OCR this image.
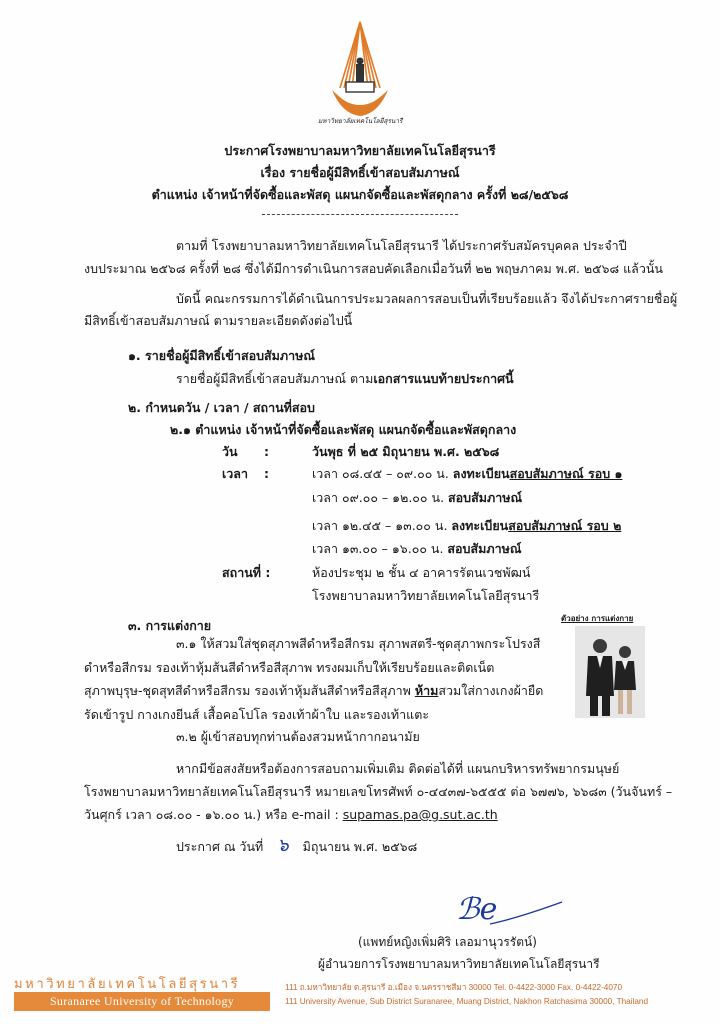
มหาวิทยาลัยเทคโนโลยีสุรนารี
ประกาศโรงพยาบาลมหาวิทยาลัยเทคโนโลยีสุรนารี
เรื่อง รายชื่อผู้มีสิทธิ์เข้าสอบสัมภาษณ์
ตำแหน่ง เจ้าหน้าที่จัดซื้อและพัสดุ แผนกจัดซื้อและพัสดุกลาง ครั้งที่ ๒๘/๒๕๖๘
ตามที่ โรงพยาบาลมหาวิทยาลัยเทคโนโลยีสุรนารี ได้ประกาศรับสมัครบุคคล ประจำปี
งบประมาณ ๒๕๖๘ ครั้งที่ ๒๘ ซึ่งได้มีการดำเนินการสอบคัดเลือกเมื่อวันที่ ๒๒ พฤษภาคม พ.ศ. ๒๕๖๘ แล้วนั้น
บัดนี้ คณะกรรมการได้ดำเนินการประมวลผลการสอบเป็นที่เรียบร้อยแล้ว จึงได้ประกาศรายชื่อผู้
มีสิทธิ์เข้าสอบสัมภาษณ์ ตามรายละเอียดดังต่อไปนี้
๑. รายชื่อผู้มีสิทธิ์เข้าสอบสัมภาษณ์
รายชื่อผู้มีสิทธิ์เข้าสอบสัมภาษณ์ ตามเอกสารแนบท้ายประกาศนี้
๒. กำหนดวัน / เวลา / สถานที่สอบ
๒.๑ ตำแหน่ง เจ้าหน้าที่จัดซื้อและพัสดุ แผนกจัดซื้อและพัสดุกลาง
วัน :	วันพุธ ที่ ๒๕ มิถุนายน พ.ศ. ๒๕๖๘
เวลา :	เวลา ๐๘.๔๕ – ๐๙.๐๐ น. ลงทะเบียนสอบสัมภาษณ์ รอบ ๑
เวลา ๐๙.๐๐ – ๑๒.๐๐ น. สอบสัมภาษณ์
เวลา ๑๒.๔๕ – ๑๓.๐๐ น. ลงทะเบียนสอบสัมภาษณ์ รอบ ๒
เวลา ๑๓.๐๐ – ๑๖.๐๐ น. สอบสัมภาษณ์
สถานที่ :	ห้องประชุม ๒ ชั้น ๔ อาคารรัตนเวชพัฒน์
โรงพยาบาลมหาวิทยาลัยเทคโนโลยีสุรนารี
๓. การแต่งกาย	ตัวอย่าง การแต่งกาย
๓.๑ ให้สวมใส่ชุดสุภาพสีดำหรือสีกรม สุภาพสตรี-ชุดสุภาพกระโปรงสี
ดำหรือสีกรม รองเท้าหุ้มส้นสีดำหรือสีสุภาพ ทรงผมเก็บให้เรียบร้อยและติดเน็ต
สุภาพบุรุษ-ชุดสุทสีดำหรือสีกรม รองเท้าหุ้มส้นสีดำหรือสีสุภาพ ห้ามสวมใส่กางเกงผ้ายืด
รัดเข้ารูป กางเกงยีนส์ เสื้อคอโปโล รองเท้าผ้าใบ และรองเท้าแตะ
๓.๒ ผู้เข้าสอบทุกท่านต้องสวมหน้ากากอนามัย
หากมีข้อสงสัยหรือต้องการสอบถามเพิ่มเติม ติดต่อได้ที่ แผนกบริหารทรัพยากรมนุษย์
โรงพยาบาลมหาวิทยาลัยเทคโนโลยีสุรนารี หมายเลขโทรศัพท์ ๐-๔๔๓๗-๖๕๕๕ ต่อ ๖๗๗๖, ๖๖๘๓ (วันจันทร์ –
วันศุกร์ เวลา ๐๘.๐๐ - ๑๖.๐๐ น.) หรือ e-mail : supamas.pa@g.sut.ac.th
ประกาศ ณ วันที่ ๖ มิถุนายน พ.ศ. ๒๕๖๘
ℬe
(แพทย์หญิงเพิ่มศิริ เลอมานุวรรัตน์)
ผู้อำนวยการโรงพยาบาลมหาวิทยาลัยเทคโนโลยีสุรนารี
มหาวิทยาลัยเทคโนโลยีสุรนารี
Suranaree University of Technology
111 ถ.มหาวิทยาลัย ต.สุรนารี อ.เมือง จ.นครราชสีมา 30000 Tel. 0-4422-3000 Fax. 0-4422-4070
111 University Avenue, Sub District Suranaree, Muang District, Nakhon Ratchasima 30000, Thailand
